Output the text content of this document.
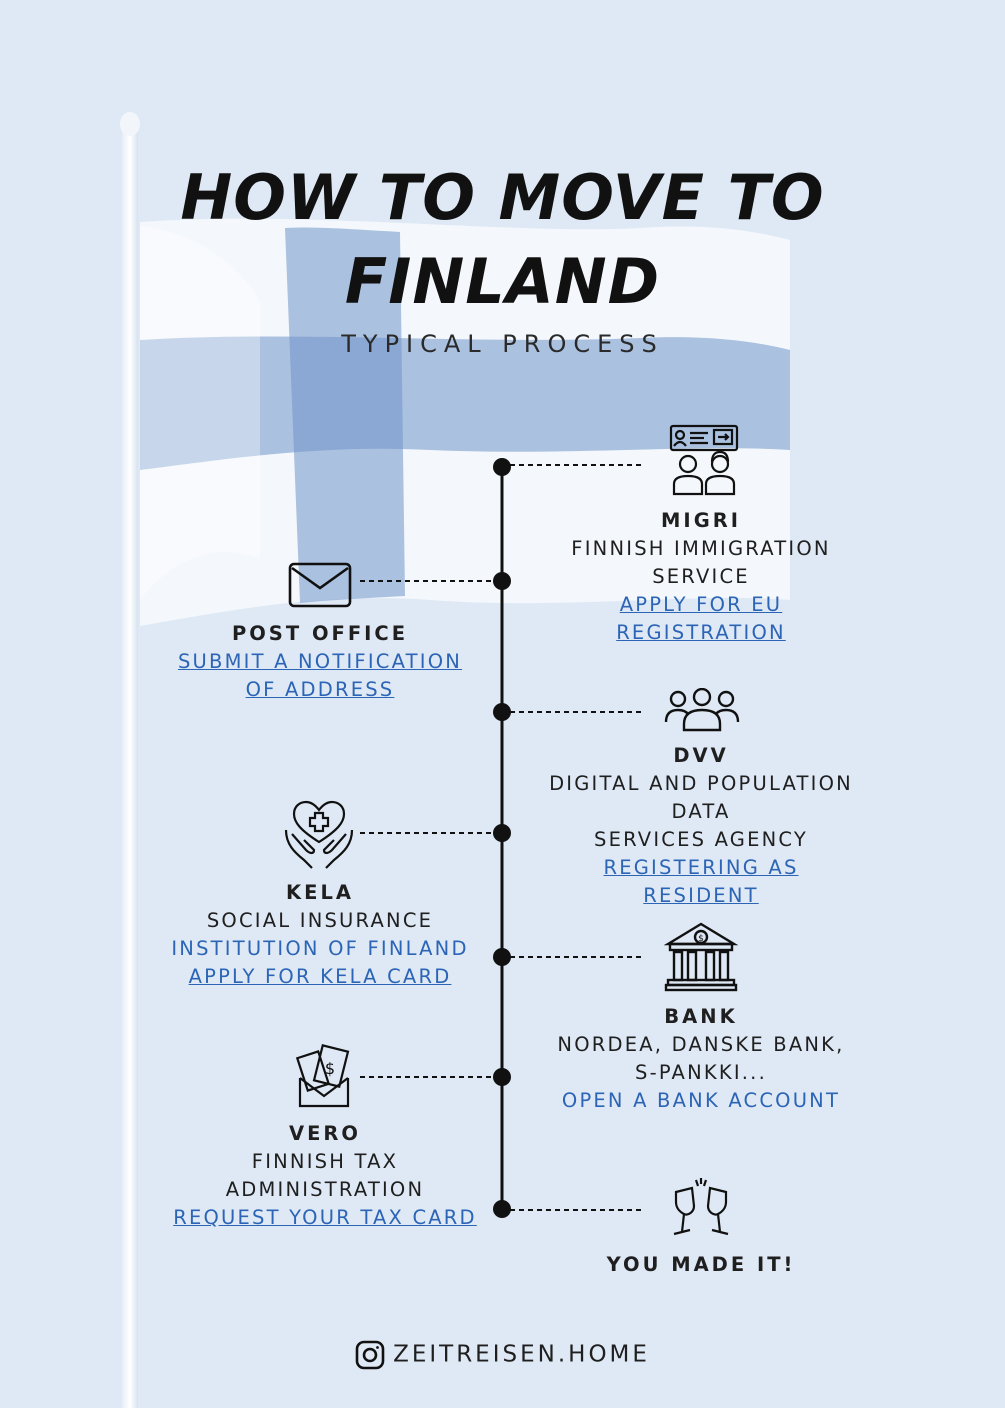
HOW TO MOVE TO
FINLAND
TYPICAL PROCESS
MIGRI
FINNISH IMMIGRATION
SERVICE
APPLY FOR EU
REGISTRATION
POST OFFICE
SUBMIT A NOTIFICATION
OF ADDRESS
DVV
DIGITAL AND POPULATION
DATA
SERVICES AGENCY
REGISTERING AS
RESIDENT
KELA
SOCIAL INSURANCE
INSTITUTION OF FINLAND
APPLY FOR KELA CARD
$
BANK
NORDEA, DANSKE BANK,
S-PANKKI...
OPEN A BANK ACCOUNT
$
VERO
FINNISH TAX
ADMINISTRATION
REQUEST YOUR TAX CARD
YOU MADE IT!
ZEITREISEN.HOME
